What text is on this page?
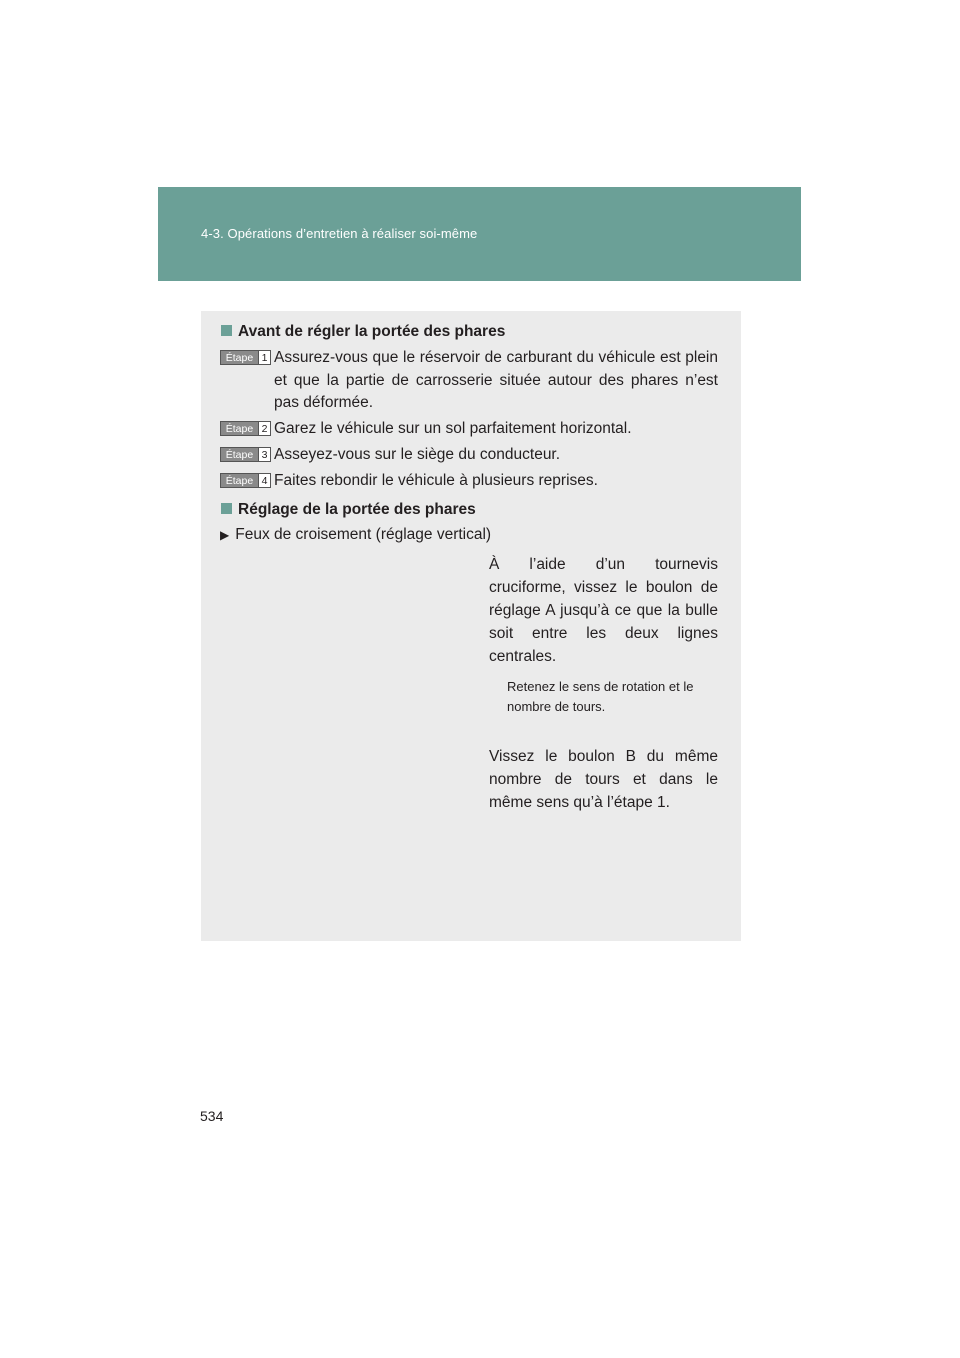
4-3. Opérations d’entretien à réaliser soi-même
Avant de régler la portée des phares
Étape 1 Assurez-vous que le réservoir de carburant du véhicule est plein et que la partie de carrosserie située autour des phares n’est pas déformée.
Étape 2 Garez le véhicule sur un sol parfaitement horizontal.
Étape 3 Asseyez-vous sur le siège du conducteur.
Étape 4 Faites rebondir le véhicule à plusieurs reprises.
Réglage de la portée des phares
▶ Feux de croisement (réglage vertical)
À l’aide d’un tournevis cruciforme, vissez le boulon de réglage A jusqu’à ce que la bulle soit entre les deux lignes centrales.
Retenez le sens de rotation et le nombre de tours.
Vissez le boulon B du même nombre de tours et dans le même sens qu’à l’étape 1.
534
